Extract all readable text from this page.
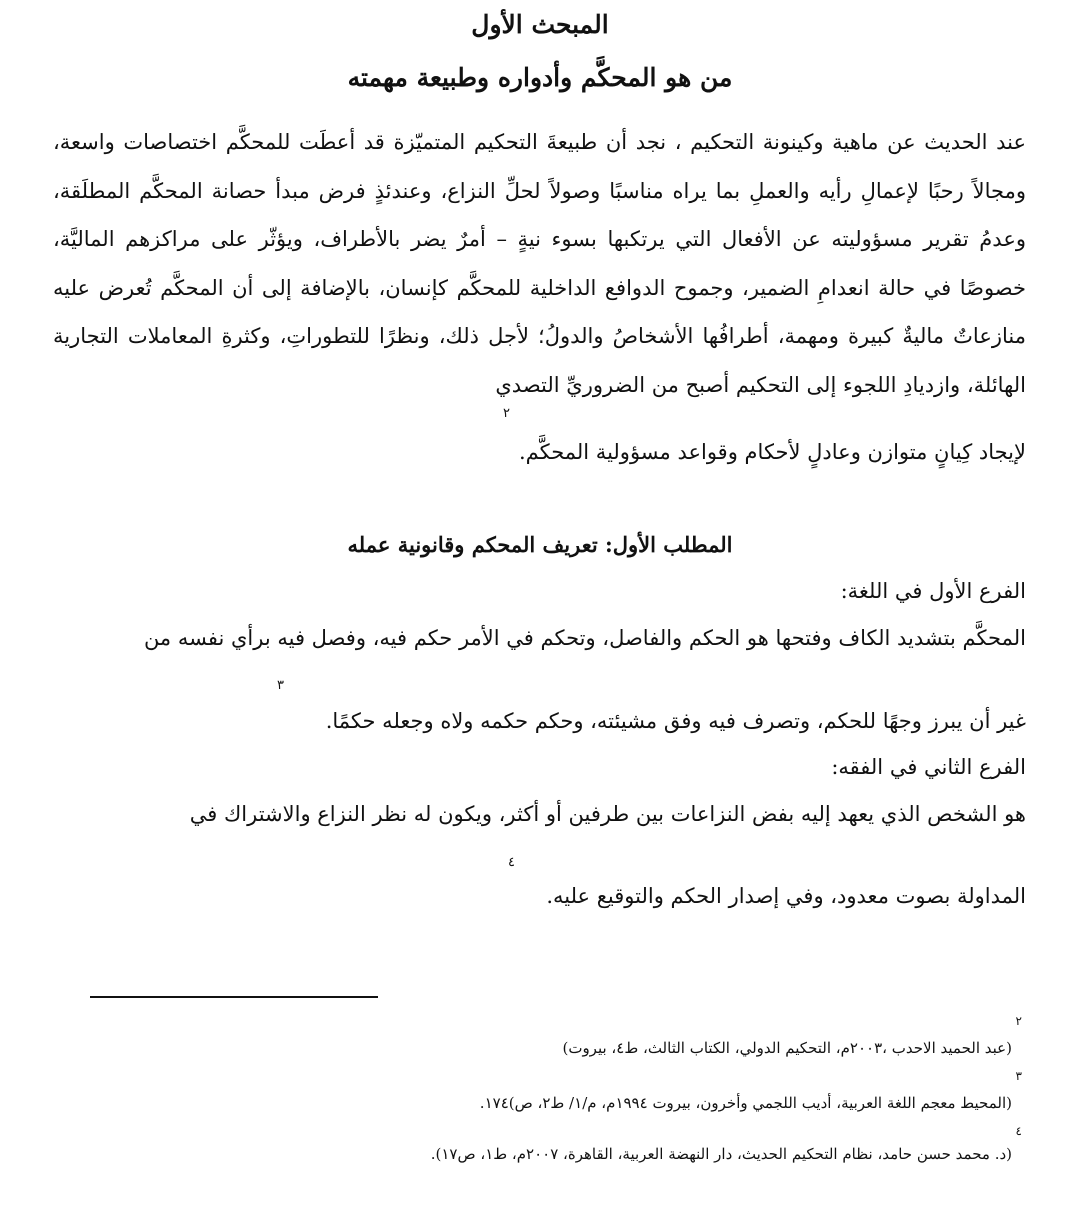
المبحث الأول
من هو المحكَّم وأدواره وطبيعة مهمته

عند الحديث عن ماهية وكينونة التحكيم ، نجد أن طبيعةَ التحكيم المتميّزة قد أعطَت للمحكَّم اختصاصات واسعة، ومجالاً رحبًا لإعمالِ رأيه والعملِ بما يراه مناسبًا وصولاً لحلِّ النزاع، وعندئذٍ فرض مبدأ حصانة المحكَّم المطلَقة، وعدمُ تقرير مسؤوليته عن الأفعال التي يرتكبها بسوء نيةٍ – أمرٌ يضر بالأطراف، ويؤثّر على مراكزهم الماليَّة، خصوصًا في حالة انعدامِ الضمير، وجموح الدوافع الداخلية للمحكَّم كإنسان، بالإضافة إلى أن المحكَّم تُعرض عليه منازعاتٌ ماليةٌ كبيرة ومهمة، أطرافُها الأشخاصُ والدولُ؛ لأجل ذلك، ونظرًا للتطوراتِ، وكثرةِ المعاملات التجارية الهائلة، وازديادِ اللجوء إلى التحكيم أصبح من الضروريِّ التصدي

٢

لإيجاد كِيانٍ متوازن وعادلٍ لأحكام وقواعد مسؤولية المحكَّم.

المطلب الأول: تعريف المحكم وقانونية عمله

الفرع الأول في اللغة:

المحكَّم بتشديد الكاف وفتحها هو الحكم والفاصل، وتحكم في الأمر حكم فيه، وفصل فيه برأي نفسه من

٣

غير أن يبرز وجهًا للحكم، وتصرف فيه وفق مشيئته، وحكم حكمه ولاه وجعله حكمًا.

الفرع الثاني في الفقه:

هو الشخص الذي يعهد إليه بفض النزاعات بين طرفين أو أكثر، ويكون له نظر النزاع والاشتراك في

٤

المداولة بصوت معدود، وفي إصدار الحكم والتوقيع عليه.

٢

(عبد الحميد الاحدب ،٢٠٠٣م، التحكيم الدولي، الكتاب الثالث، ط٤، بيروت)

٣

(المحيط معجم اللغة العربية، أديب اللجمي وأخرون، بيروت ١٩٩٤م، م/١/ ط٢، ص)١٧٤.

٤

(د. محمد حسن حامد، نظام التحكيم الحديث، دار النهضة العربية، القاهرة، ٢٠٠٧م، ط١، ص١٧).
